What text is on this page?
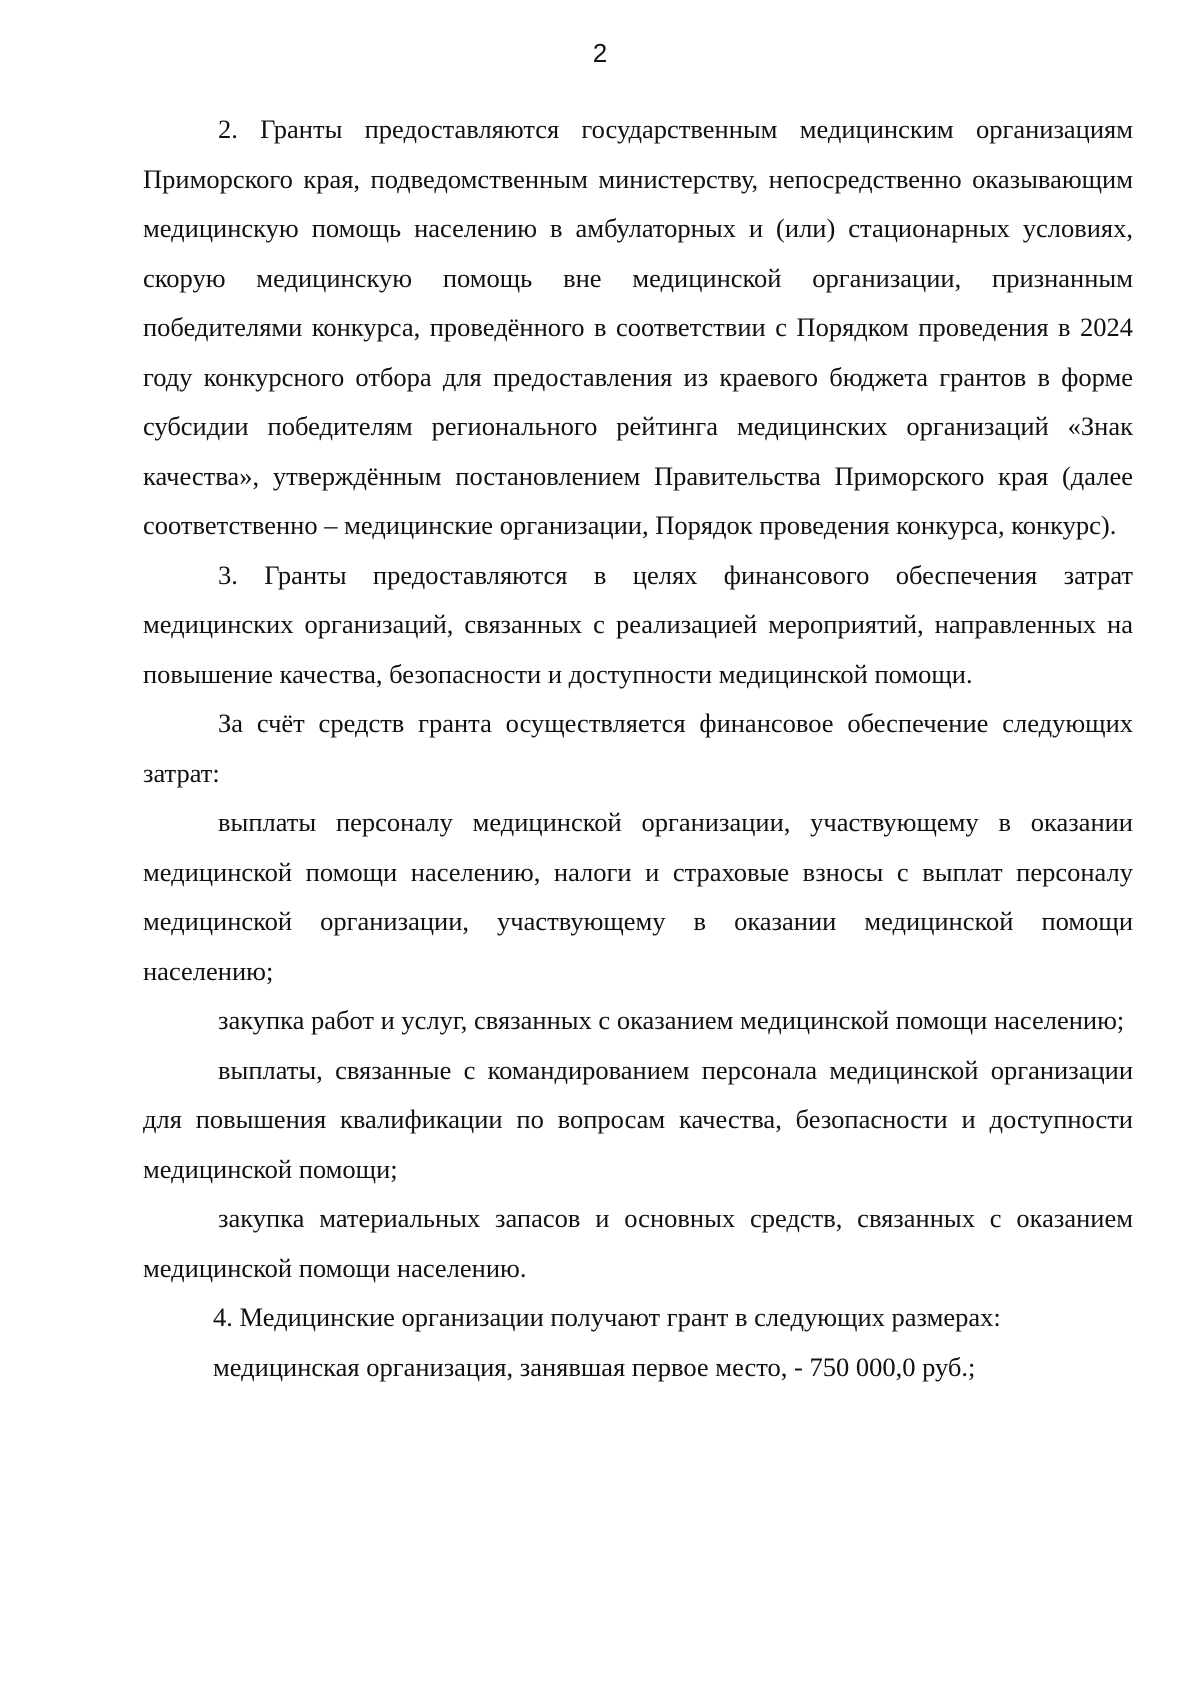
2

2. Гранты предоставляются государственным медицинским организациям Приморского края, подведомственным министерству, непосредственно оказывающим медицинскую помощь населению в амбулаторных и (или) стационарных условиях, скорую медицинскую помощь вне медицинской организации, признанным победителями конкурса, проведённого в соответствии с Порядком проведения в 2024 году конкурсного отбора для предоставления из краевого бюджета грантов в форме субсидии победителям регионального рейтинга медицинских организаций «Знак качества», утверждённым постановлением Правительства Приморского края (далее соответственно – медицинские организации, Порядок проведения конкурса, конкурс).

3. Гранты предоставляются в целях финансового обеспечения затрат медицинских организаций, связанных с реализацией мероприятий, направленных на повышение качества, безопасности и доступности медицинской помощи.

За счёт средств гранта осуществляется финансовое обеспечение следующих затрат:

выплаты персоналу медицинской организации, участвующему в оказании медицинской помощи населению, налоги и страховые взносы с выплат персоналу медицинской организации, участвующему в оказании медицинской помощи населению;

закупка работ и услуг, связанных с оказанием медицинской помощи населению;

выплаты, связанные с командированием персонала медицинской организации для повышения квалификации по вопросам качества, безопасности и доступности медицинской помощи;

закупка материальных запасов и основных средств, связанных с оказанием медицинской помощи населению.

4. Медицинские организации получают грант в следующих размерах:

медицинская организация, занявшая первое место, - 750 000,0 руб.;
